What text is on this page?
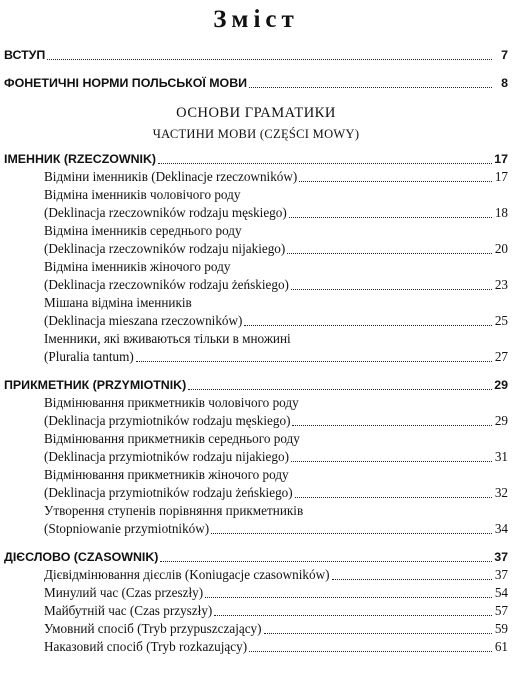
Зміст
ВСТУП	7
ФОНЕТИЧНІ НОРМИ ПОЛЬСЬКОЇ МОВИ	8
ОСНОВИ ГРАМАТИКИ
ЧАСТИНИ МОВИ (CZĘŚCI MOWY)
ІМЕННИК (RZECZOWNIK)	17
Відміни іменників (Deklinacje rzeczowników)	17
Відміна іменників чоловічого роду
(Deklinacja rzeczowników rodzaju męskiego)	18
Відміна іменників середнього роду
(Deklinacja rzeczowników rodzaju nijakiego)	20
Відміна іменників жіночого роду
(Deklinacja rzeczowników rodzaju żeńskiego)	23
Мішана відміна іменників
(Deklinacja mieszana rzeczowników)	25
Іменники, які вживаються тільки в множині
(Pluralia tantum)	27
ПРИКМЕТНИК (PRZYMIOTNIK)	29
Відмінювання прикметників чоловічого роду
(Deklinacja przymiotników rodzaju męskiego)	29
Відмінювання прикметників середнього роду
(Deklinacja przymiotników rodzaju nijakiego)	31
Відмінювання прикметників жіночого роду
(Deklinacja przymiotników rodzaju żeńskiego)	32
Утворення ступенів порівняння прикметників
(Stopniowanie przymiotników)	34
ДІЄСЛОВО (CZASOWNIK)	37
Дієвідмінювання дієслів (Koniugacje czasowników)	37
Минулий час (Czas przeszły)	54
Майбутній час (Czas przyszły)	57
Умовний спосіб (Tryb przypuszczający)	59
Наказовий спосіб (Tryb rozkazujący)	61
